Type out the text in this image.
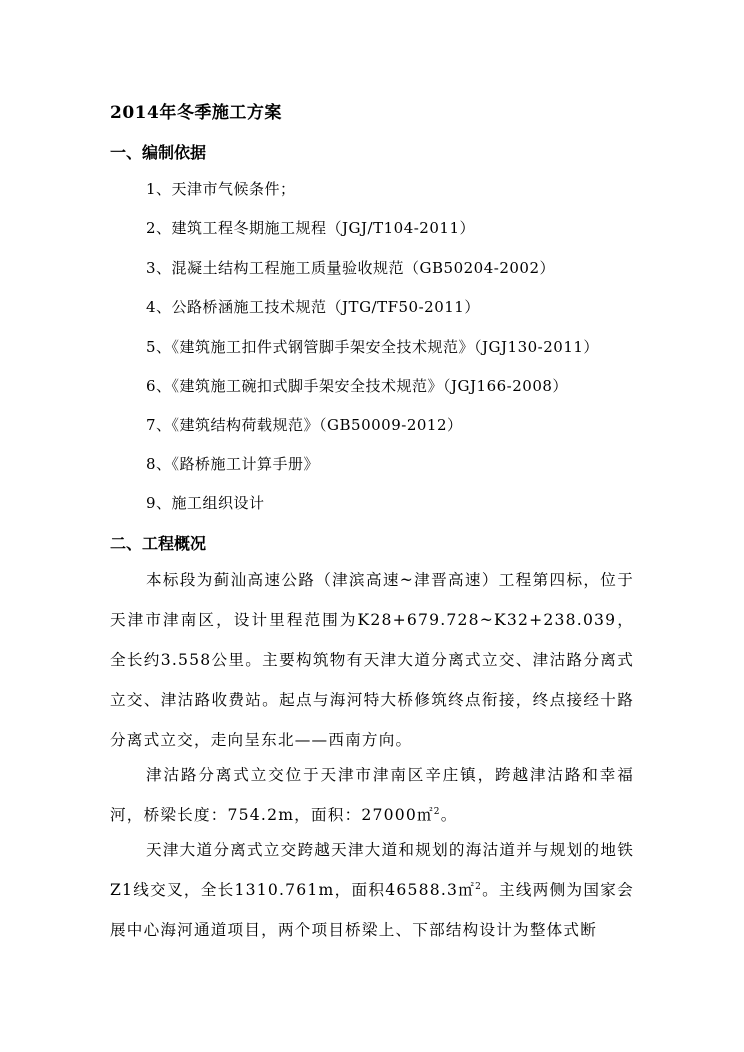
2014年冬季施工方案
一、编制依据
1、天津市气候条件；
2、建筑工程冬期施工规程（JGJ/T104-2011）
3、混凝土结构工程施工质量验收规范（GB50204-2002）
4、公路桥涵施工技术规范（JTG/TF50-2011）
5、《建筑施工扣件式钢管脚手架安全技术规范》（JGJ130-2011）
6、《建筑施工碗扣式脚手架安全技术规范》（JGJ166-2008）
7、《建筑结构荷载规范》（GB50009-2012）
8、《路桥施工计算手册》
9、施工组织设计
二、工程概况

本标段为蓟汕高速公路（津滨高速~津晋高速）工程第四标，位于天津市津南区，设计里程范围为K28+679.728~K32+238.039，全长约3.558公里。主要构筑物有天津大道分离式立交、津沽路分离式立交、津沽路收费站。起点与海河特大桥修筑终点衔接，终点接经十路分离式立交，走向呈东北——西南方向。

津沽路分离式立交位于天津市津南区辛庄镇，跨越津沽路和幸福河，桥梁长度：754.2m，面积：27000㎡$^2$。

天津大道分离式立交跨越天津大道和规划的海沽道并与规划的地铁Z1线交叉，全长1310.761m，面积46588.3㎡$^2$。主线两侧为国家会展中心海河通道项目，两个项目桥梁上、下部结构设计为整体式断
